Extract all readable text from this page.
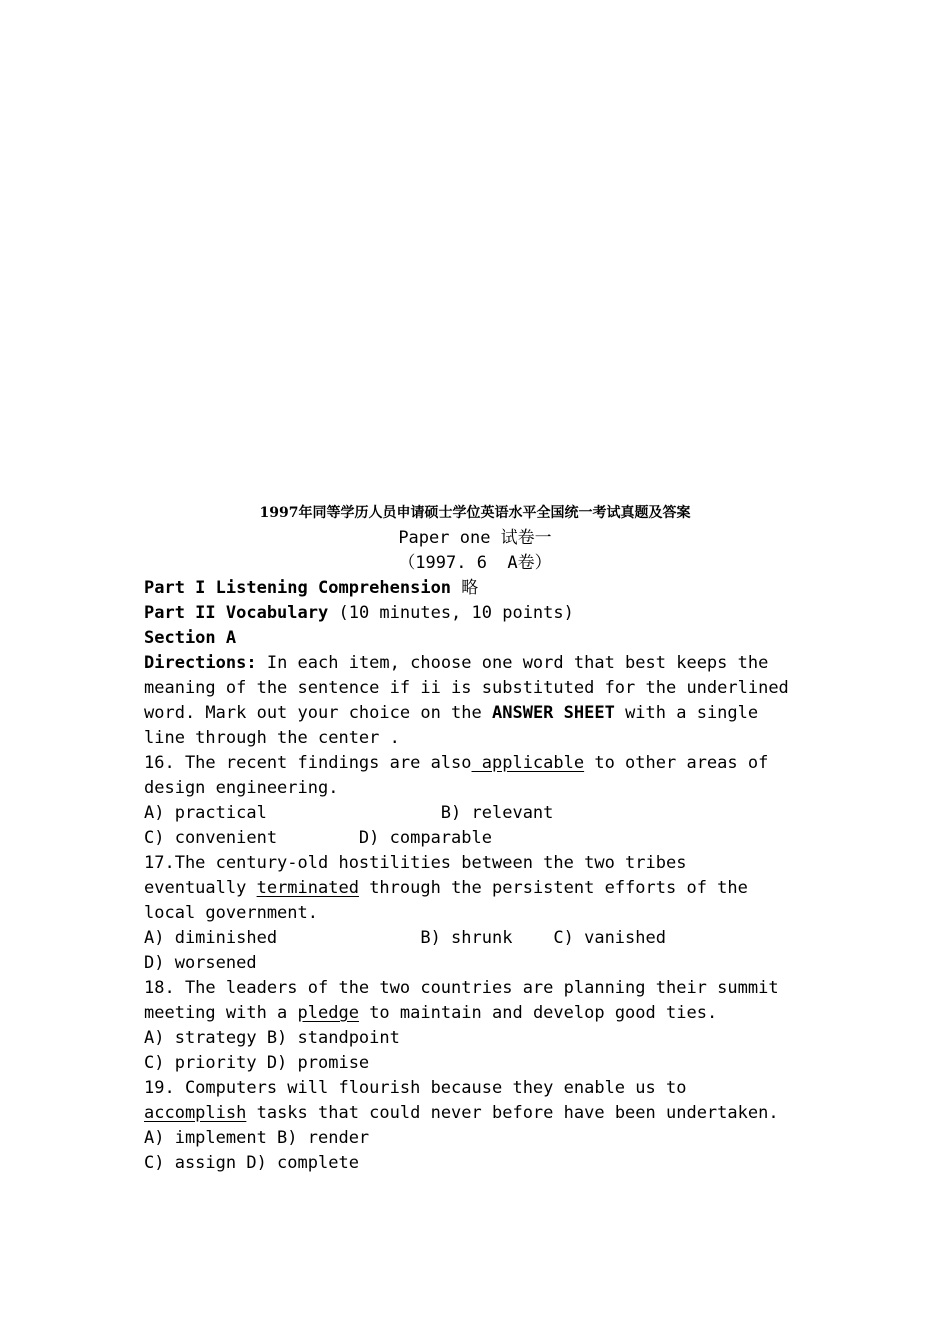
1997年同等学历人员申请硕士学位英语水平全国统一考试真题及答案
Paper one 试卷一
（1997. 6  A卷）
Part I Listening Comprehension 略
Part II Vocabulary (10 minutes, 10 points)
Section A
Directions: In each item, choose one word that best keeps the
meaning of the sentence if ii is substituted for the underlined
word. Mark out your choice on the ANSWER SHEET with a single
line through the center .
16. The recent findings are also applicable to other areas of
design engineering.
A) practical                 B) relevant
C) convenient        D) comparable
17.The century-old hostilities between the two tribes
eventually terminated through the persistent efforts of the
local government.
A) diminished              B) shrunk    C) vanished
D) worsened
18. The leaders of the two countries are planning their summit
meeting with a pledge to maintain and develop good ties.
A) strategy B) standpoint
C) priority D) promise
19. Computers will flourish because they enable us to
accomplish tasks that could never before have been undertaken.
A) implement B) render
C) assign D) complete
